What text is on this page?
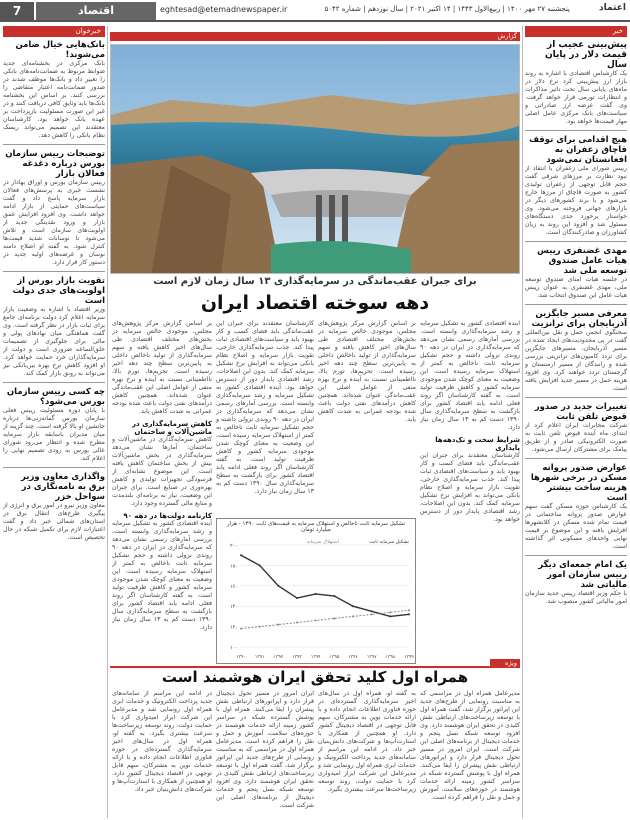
7	اقتصاد	eghtesad@etemadnewspaper.ir	پنجشنبه ۲۷ مهر ۱۴۰۰ | ربیع‌الاول ۱۴۴۳ | ۱۴ اکتبر ۲۰۲۱ | سال نوزدهم | شماره ۵۰۴۲	اعتماد
خبرخوان
بانک‌هایی خیال ضامن می‌شوند!
بانک مرکزی در بخشنامه‌ای جدید ضوابط مربوط به ضمانت‌نامه‌های بانکی را تغییر داد و بانک‌ها موظف شدند در صدور ضمانت‌نامه اعتبار متقاضی را بررسی کنند. بر اساس این بخشنامه بانک‌ها باید وثایق کافی دریافت کنند و در غیر این صورت مسئولیت بازپرداخت بر عهده بانک خواهد بود. کارشناسان معتقدند این تصمیم می‌تواند ریسک نظام بانکی را کاهش دهد.
توضیحات رییس سازمان بورس درباره دغدغه فعالان بازار
رییس سازمان بورس و اوراق بهادار در نشست خبری به پرسش‌های فعالان بازار سرمایه پاسخ داد و گفت سیاست‌های حمایتی از بازار ادامه خواهد داشت. وی افزود افزایش عمق بازار و ورود نقدینگی جدید از اولویت‌های سازمان است و تلاش می‌شود تا نوسانات شدید قیمت‌ها کنترل شود. به گفته او اصلاح دامنه نوسان و عرضه‌های اولیه جدید در دستور کار قرار دارد.
تقویت بازار بورس از اولویت‌های جدی دولت است
وزیر اقتصاد با اشاره به وضعیت بازار سرمایه اعلام کرد دولت برنامه‌ای جامع برای ثبات بازار در نظر گرفته است. وی گفت هماهنگی میان نهادهای پولی و مالی برای جلوگیری از تصمیمات خلق‌الساعه ضروری است و دولت از سرمایه‌گذاران خرد حمایت خواهد کرد. او افزود کاهش نرخ بهره بین‌بانکی نیز می‌تواند به رونق بازار کمک کند.
چه کسی رییس سازمان بورس می‌شود؟
با پایان دوره مسئولیت رییس فعلی سازمان بورس گمانه‌زنی‌ها درباره جانشین او بالا گرفته است. چند گزینه از میان مدیران باسابقه بازار سرمایه مطرح شده و انتظار می‌رود شورای عالی بورس به زودی تصمیم نهایی را اعلام کند.
واگذاری معاون وزیر برق به نامه‌نگاری در سواحل خزر
معاون وزیر نیرو در امور برق و انرژی از پیگیری طرح‌های انتقال برق در استان‌های شمالی خبر داد و گفت اعتبارات لازم برای تکمیل شبکه در حال تخصیص است.
خبر
پیش‌بینی عجیب از قیمت دلار در پایان سال
یک کارشناس اقتصادی با اشاره به روند بازار ارز پیش‌بینی کرد نرخ دلار در ماه‌های پایانی سال تحت تاثیر مذاکرات و انتظارات تورمی قرار خواهد گرفت. وی گفت عرضه ارز صادراتی و سیاست‌های بانک مرکزی عامل اصلی مهار قیمت‌ها خواهد بود.
هیچ اقدامی برای توقف قاچاق زعفران به افغانستان نمی‌شود
رییس شورای ملی زعفران با انتقاد از نبود نظارت بر مرزهای شرقی گفت حجم قابل توجهی از زعفران تولیدی کشور به صورت قاچاق از مرزها خارج می‌شود و با برند کشورهای دیگر در بازارهای جهانی فروخته می‌شود. وی خواستار برخورد جدی دستگاه‌های مسئول شد و افزود این روند به زیان کشاورزان و صادرکنندگان است.
مهدی غضنفری رییس هیات عامل صندوق توسعه ملی شد
در جلسه هیات امنای صندوق توسعه ملی، مهدی غضنفری به عنوان رییس هیات عامل این صندوق انتخاب شد.
معرفی مسیر جایگزین آذربایجان برای ترانزیت
سخنگوی انجمن حمل و نقل بین‌المللی گفت در پی محدودیت‌های ایجاد شده در مسیر آذربایجان، مسیرهای جایگزین برای تردد کامیون‌های ترانزیتی بررسی شده و رانندگان از مسیر ارمنستان و گرجستان تردد خواهند کرد. وی افزود هزینه حمل در مسیر جدید افزایش یافته است.
تغییرات جدید در صدور قبوض تلفن ثابت
شرکت مخابرات ایران اعلام کرد از ابتدای ماه آینده قبوض تلفن ثابت به صورت الکترونیکی صادر و از طریق پیامک برای مشترکان ارسال می‌شود.
عوارض صدور پروانه مسکن در برخی شهرها هزینه ساخت بیشتر است
یک کارشناس حوزه مسکن گفت سهم عوارض صدور پروانه ساختمانی در قیمت تمام شده مسکن در کلانشهرها افزایش یافته و این موضوع بر قیمت نهایی واحدهای مسکونی اثر گذاشته است.
یک امام جمعه‌ای دیگر رییس سازمان امور مالیاتی شد
با حکم وزیر اقتصاد رییس جدید سازمان امور مالیاتی کشور منصوب شد.
گزارش
برای جبران عقب‌ماندگی در سرمایه‌گذاری ۱۳ سال زمان لازم است
دهه سوخته اقتصاد ایران
آینده اقتصادی کشور به تشکیل سرمایه و رشد سرمایه‌گذاری وابسته است. بررسی آمارهای رسمی نشان می‌دهد که سرمایه‌گذاری در ایران در دهه ۹۰ روندی نزولی داشته و حجم تشکیل سرمایه ثابت ناخالص به کمتر از استهلاک سرمایه رسیده است. این وضعیت به معنای کوچک شدن موجودی سرمایه کشور و کاهش ظرفیت تولید است. به گفته کارشناسان اگر روند فعلی ادامه یابد اقتصاد کشور برای بازگشت به سطح سرمایه‌گذاری سال ۱۳۹۰ دست کم به ۱۳ سال زمان نیاز دارد.
شرایط سخت و تک‌دهه‌ها پایداری
کارشناسان معتقدند برای جبران این عقب‌ماندگی باید فضای کسب و کار بهبود یابد و سیاست‌های اقتصادی ثبات پیدا کند. جذب سرمایه‌گذاری خارجی، تقویت بازار سرمایه و اصلاح نظام بانکی می‌تواند به افزایش نرخ تشکیل سرمایه کمک کند. بدون این اصلاحات، رشد اقتصادی پایدار دور از دسترس خواهد بود.
بر اساس گزارش مرکز پژوهش‌های مجلس، موجودی خالص سرمایه در بخش‌های مختلف اقتصادی طی سال‌های اخیر کاهش یافته و سهم سرمایه‌گذاری از تولید ناخالص داخلی به پایین‌ترین سطح چند دهه اخیر رسیده است. تحریم‌ها، تورم بالا، نااطمینانی نسبت به آینده و نرخ بهره منفی از عوامل اصلی این عقب‌ماندگی عنوان شده‌اند. همچنین کاهش درآمدهای نفتی دولت باعث شده بودجه عمرانی به شدت کاهش یابد.
کارشناسان معتقدند برای جبران این عقب‌ماندگی باید فضای کسب و کار بهبود یابد و سیاست‌های اقتصادی ثبات پیدا کند. جذب سرمایه‌گذاری خارجی، تقویت بازار سرمایه و اصلاح نظام بانکی می‌تواند به افزایش نرخ تشکیل سرمایه کمک کند. بدون این اصلاحات، رشد اقتصادی پایدار دور از دسترس خواهد بود. آینده اقتصادی کشور به تشکیل سرمایه و رشد سرمایه‌گذاری وابسته است. بررسی آمارهای رسمی نشان می‌دهد که سرمایه‌گذاری در ایران در دهه ۹۰ روندی نزولی داشته و حجم تشکیل سرمایه ثابت ناخالص به کمتر از استهلاک سرمایه رسیده است. این وضعیت به معنای کوچک شدن موجودی سرمایه کشور و کاهش ظرفیت تولید است. به گفته کارشناسان اگر روند فعلی ادامه یابد اقتصاد کشور برای بازگشت به سطح سرمایه‌گذاری سال ۱۳۹۰ دست کم به ۱۳ سال زمان نیاز دارد.
بر اساس گزارش مرکز پژوهش‌های مجلس، موجودی خالص سرمایه در بخش‌های مختلف اقتصادی طی سال‌های اخیر کاهش یافته و سهم سرمایه‌گذاری از تولید ناخالص داخلی به پایین‌ترین سطح چند دهه اخیر رسیده است. تحریم‌ها، تورم بالا، نااطمینانی نسبت به آینده و نرخ بهره منفی از عوامل اصلی این عقب‌ماندگی عنوان شده‌اند. همچنین کاهش درآمدهای نفتی دولت باعث شده بودجه عمرانی به شدت کاهش یابد.
کاهش سرمایه‌گذاری در ماشین‌آلات و ساختمان
کاهش سرمایه‌گذاری در ماشین‌آلات و ساختمان: آمارها نشان می‌دهد سرمایه‌گذاری در بخش ماشین‌آلات بیش از بخش ساختمان کاهش یافته است. این موضوع نشانه‌ای از فرسودگی تجهیزات تولیدی و کاهش بهره‌وری در صنایع است. برای جبران این وضعیت، نیاز به برنامه‌ای بلندمدت و منابع مالی گسترده وجود دارد.
کارنامه دولت‌ها در دهه ۹۰
آینده اقتصادی کشور به تشکیل سرمایه و رشد سرمایه‌گذاری وابسته است. بررسی آمارهای رسمی نشان می‌دهد که سرمایه‌گذاری در ایران در دهه ۹۰ روندی نزولی داشته و حجم تشکیل سرمایه ثابت ناخالص به کمتر از استهلاک سرمایه رسیده است. این وضعیت به معنای کوچک شدن موجودی سرمایه کشور و کاهش ظرفیت تولید است. به گفته کارشناسان اگر روند فعلی ادامه یابد اقتصاد کشور برای بازگشت به سطح سرمایه‌گذاری سال ۱۳۹۰ دست کم به ۱۳ سال زمان نیاز دارد.
تشکیل سرمایه ثابت ناخالص و استهلاک سرمایه به قیمت‌های ثابت ۱۳۹۰ - هزار میلیارد تومان
۲۰۰
۱۸۰
۱۶۰
۱۴۰
۱۲۰
۱۰۰
۱۳۹۰ ۱۳۹۱ ۱۳۹۲ ۱۳۹۳ ۱۳۹۴ ۱۳۹۵ ۱۳۹۶ ۱۳۹۷ ۱۳۹۸ ۱۳۹۹
تشکیل سرمایه ثابت
استهلاک سرمایه
ویژه
همراه اول کلید تحقق ایران هوشمند است
مدیرعامل همراه اول در مراسمی که به مناسبت رونمایی از طرح‌های جدید این اپراتور برگزار شد، گفت همراه اول با توسعه زیرساخت‌های ارتباطی نقش کلیدی در تحقق ایران هوشمند دارد. وی افزود توسعه شبکه نسل پنجم و خدمات دیجیتال از برنامه‌های اصلی این شرکت است. ایران امروز در مسیر تحول دیجیتال قرار دارد و اپراتورهای ارتباطی نقش پیشران را ایفا می‌کنند. همراه اول با پوشش گسترده شبکه در سراسر کشور زمینه ارائه خدمات هوشمند در حوزه‌های سلامت، آموزش و حمل و نقل را فراهم کرده است.
به گفته او، همراه اول در سال‌های اخیر سرمایه‌گذاری گسترده‌ای در حوزه فناوری اطلاعات انجام داده و با ارائه خدمات نوین به مشترکان، سهم قابل توجهی در اقتصاد دیجیتال کشور دارد. او همچنین از همکاری با استارت‌آپ‌ها و شرکت‌های دانش‌بنیان خبر داد. در ادامه این مراسم از سامانه‌های جدید پرداخت الکترونیک و خدمات ابری همراه اول رونمایی شد و مدیرعامل این شرکت ابراز امیدواری کرد با حمایت دولت، روند توسعه زیرساخت‌ها سرعت بیشتری بگیرد.
ایران امروز در مسیر تحول دیجیتال قرار دارد و اپراتورهای ارتباطی نقش پیشران را ایفا می‌کنند. همراه اول با پوشش گسترده شبکه در سراسر کشور زمینه ارائه خدمات هوشمند در حوزه‌های سلامت، آموزش و حمل و نقل را فراهم کرده است. مدیرعامل همراه اول در مراسمی که به مناسبت رونمایی از طرح‌های جدید این اپراتور برگزار شد، گفت همراه اول با توسعه زیرساخت‌های ارتباطی نقش کلیدی در تحقق ایران هوشمند دارد. وی افزود توسعه شبکه نسل پنجم و خدمات دیجیتال از برنامه‌های اصلی این شرکت است.
در ادامه این مراسم از سامانه‌های جدید پرداخت الکترونیک و خدمات ابری همراه اول رونمایی شد و مدیرعامل این شرکت ابراز امیدواری کرد با حمایت دولت، روند توسعه زیرساخت‌ها سرعت بیشتری بگیرد. به گفته او، همراه اول در سال‌های اخیر سرمایه‌گذاری گسترده‌ای در حوزه فناوری اطلاعات انجام داده و با ارائه خدمات نوین به مشترکان، سهم قابل توجهی در اقتصاد دیجیتال کشور دارد. او همچنین از همکاری با استارت‌آپ‌ها و شرکت‌های دانش‌بنیان خبر داد.
